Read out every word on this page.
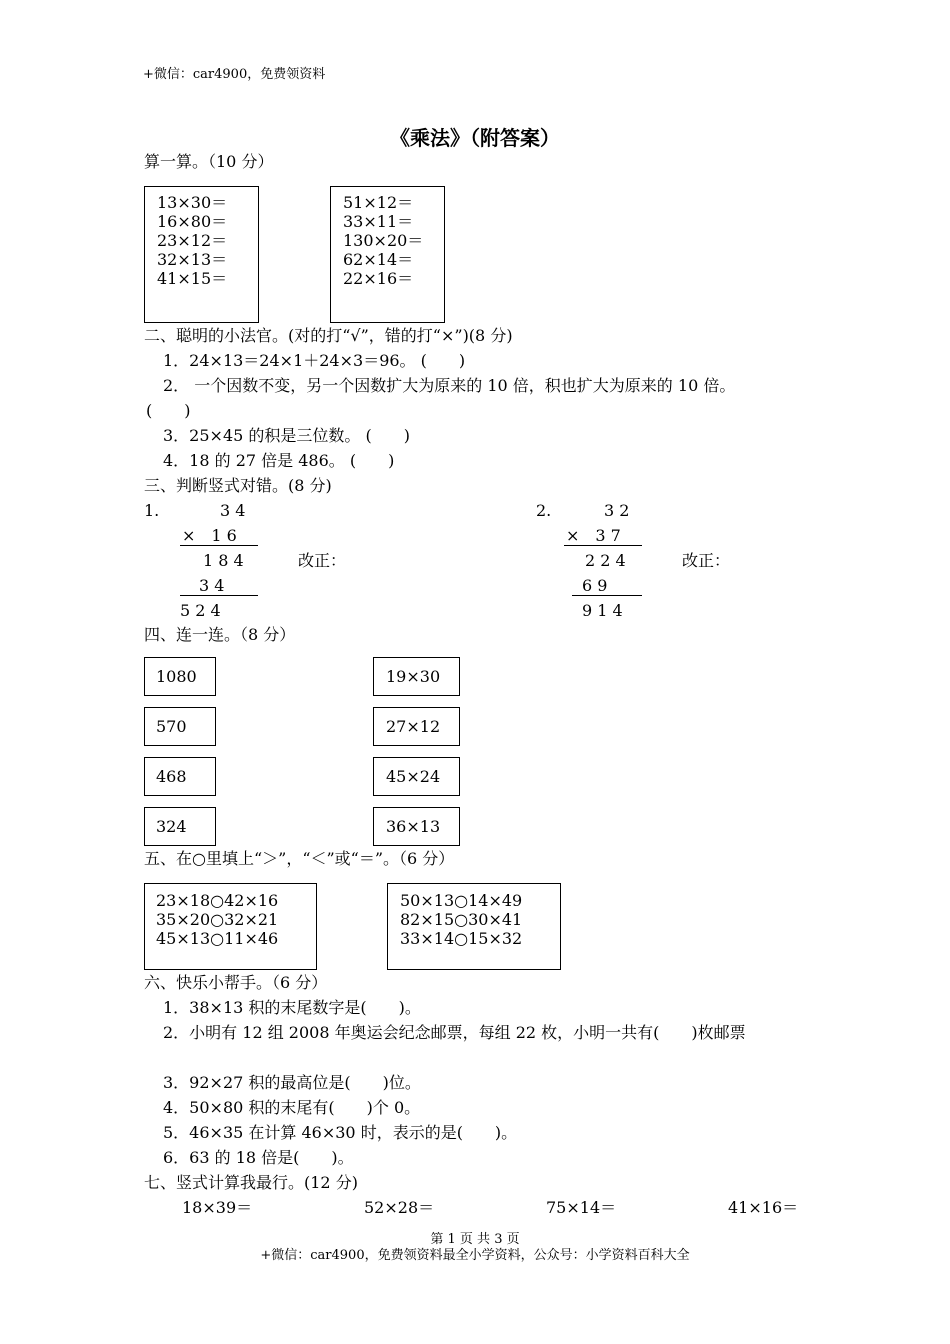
+微信：car4900，免费领资料
《乘法》（附答案）
算一算。（10 分）
13×30＝
16×80＝
23×12＝
32×13＝
41×15＝
51×12＝
33×11＝
130×20＝
62×14＝
22×16＝
二、聪明的小法官。(对的打“√”，错的打“×”)(8 分)
1．24×13＝24×1＋24×3＝96。 (　　)
2． 一个因数不变，另一个因数扩大为原来的 10 倍，积也扩大为原来的 10 倍。
(　　)
3．25×45 的积是三位数。 (　　)
4．18 的 27 倍是 486。 (　　)
三、判断竖式对错。(8 分)
1.	3 4
×　1 6
1 8 4	改正：
3 4
5 2 4
2.	3 2
×　3 7
2 2 4	改正：
6 9
9 1 4
四、连一连。（8 分）
1080
570
468
324
19×30
27×12
45×24
36×13
五、在○里填上“＞”，“＜”或“＝”。（6 分）
23×18○42×16
35×20○32×21
45×13○11×46
50×13○14×49
82×15○30×41
33×14○15×32
六、快乐小帮手。（6 分）
1．38×13 积的末尾数字是(　　)。
2．小明有 12 组 2008 年奥运会纪念邮票，每组 22 枚，小明一共有(　　)枚邮票
3．92×27 积的最高位是(　　)位。
4．50×80 积的末尾有(　　)个 0。
5．46×35 在计算 46×30 时，表示的是(　　)。
6．63 的 18 倍是(　　)。
七、竖式计算我最行。(12 分)
18×39＝	52×28＝	75×14＝	41×16＝
第 1 页 共 3 页
+微信：car4900，免费领资料最全小学资料，公众号：小学资料百科大全
